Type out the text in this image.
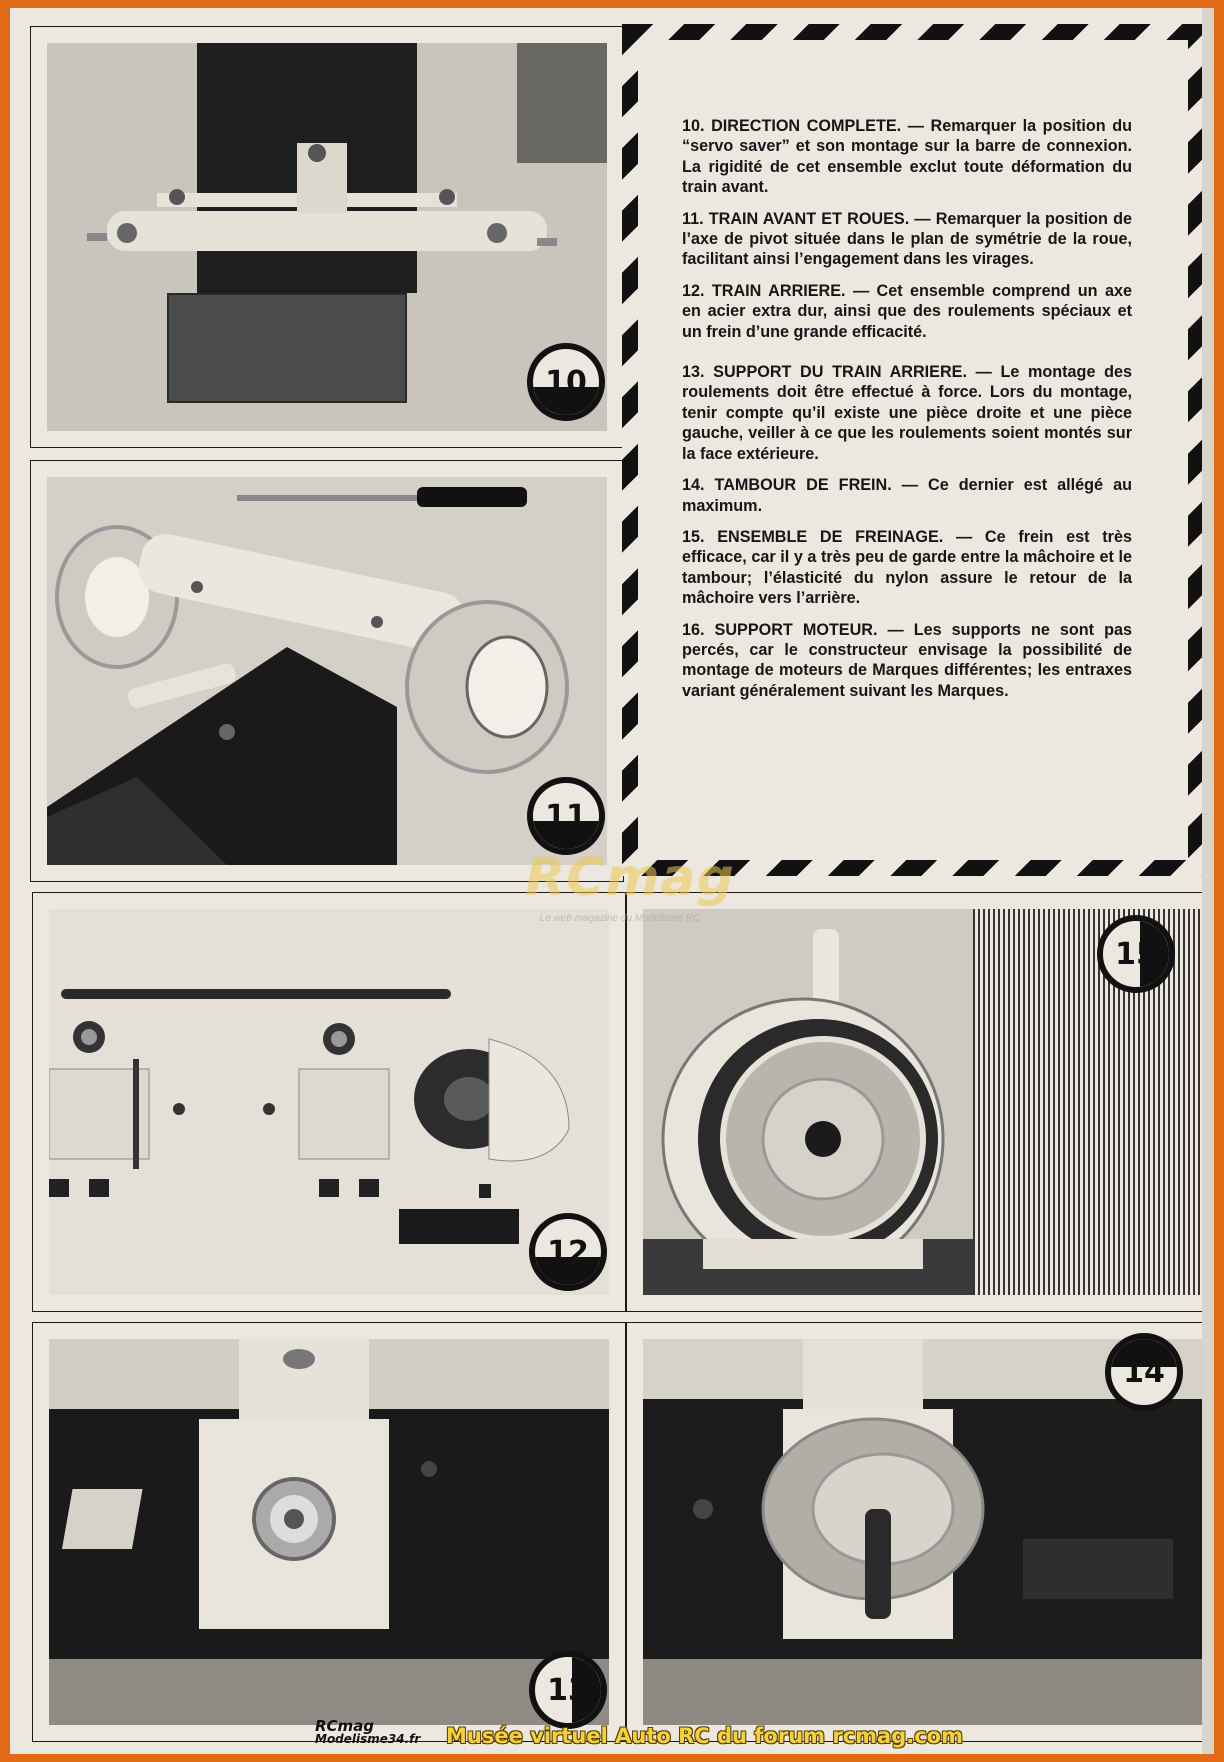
10
11

10. DIRECTION COMPLETE. — Remarquer la position du “servo saver” et son montage sur la barre de connexion. La rigidité de cet ensemble exclut toute déformation du train avant.

11. TRAIN AVANT ET ROUES. — Remarquer la position de l’axe de pivot située dans le plan de symétrie de la roue, facilitant ainsi l’engagement dans les virages.

12. TRAIN ARRIERE. — Cet ensemble comprend un axe en acier extra dur, ainsi que des roulements spéciaux et un frein d’une grande efficacité.

13. SUPPORT DU TRAIN ARRIERE. — Le montage des roulements doit être effectué à force. Lors du montage, tenir compte qu’il existe une pièce droite et une pièce gauche, veiller à ce que les roulements soient montés sur la face extérieure.

14. TAMBOUR DE FREIN. — Ce dernier est allégé au maximum.

15. ENSEMBLE DE FREINAGE. — Ce frein est très efficace, car il y a très peu de garde entre la mâchoire et le tambour; l’élasticité du nylon assure le retour de la mâchoire vers l’arrière.

16. SUPPORT MOTEUR. — Les supports ne sont pas percés, car le constructeur envisage la possibilité de montage de moteurs de Marques différentes; les entraxes variant généralement suivant les Marques.

12
15
13
14
RCmag
Le web magazine du Modélisme RC
RCmag
Modelisme34.fr Musée virtuel Auto RC du forum rcmag.com
